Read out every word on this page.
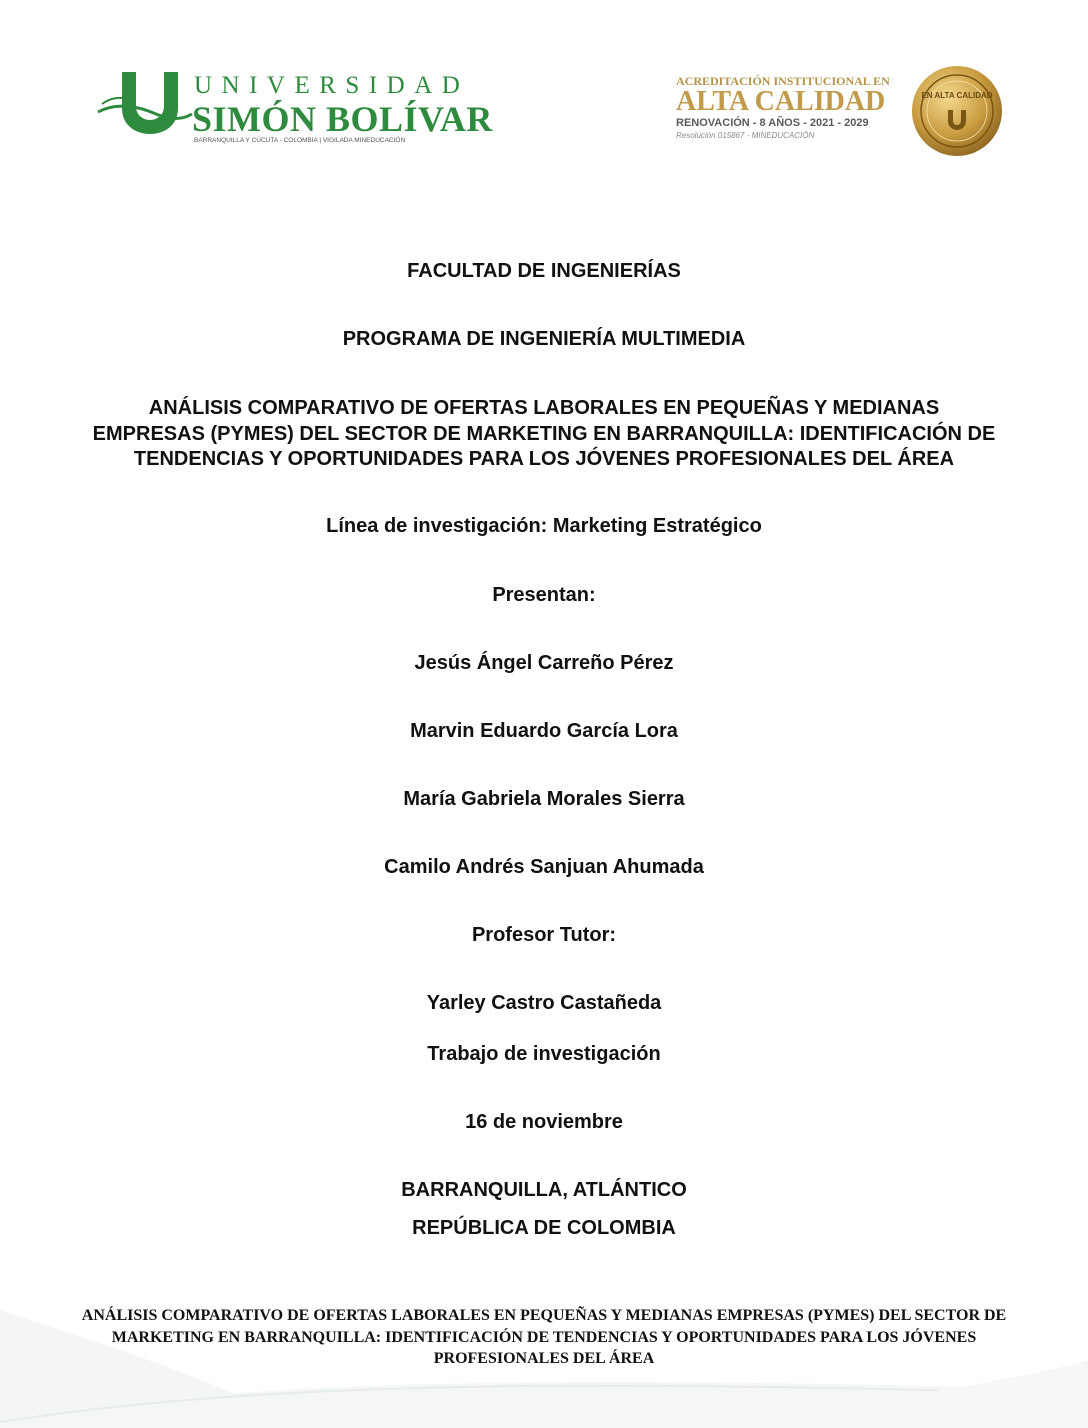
UNIVERSIDAD
SIMÓN BOLÍVAR
BARRANQUILLA Y CÚCUTA - COLOMBIA | VIGILADA MINEDUCACIÓN
ACREDITACIÓN INSTITUCIONAL EN
ALTA CALIDAD
RENOVACIÓN - 8 AÑOS - 2021 - 2029
Resolución 015867 - MINEDUCACIÓN
EN ALTA CALIDAD
FACULTAD DE INGENIERÍAS
PROGRAMA DE INGENIERÍA MULTIMEDIA
ANÁLISIS COMPARATIVO DE OFERTAS LABORALES EN PEQUEÑAS Y MEDIANAS EMPRESAS (PYMES) DEL SECTOR DE MARKETING EN BARRANQUILLA: IDENTIFICACIÓN DE TENDENCIAS Y OPORTUNIDADES PARA LOS JÓVENES PROFESIONALES DEL ÁREA
Línea de investigación: Marketing Estratégico
Presentan:
Jesús Ángel Carreño Pérez
Marvin Eduardo García Lora
María Gabriela Morales Sierra
Camilo Andrés Sanjuan Ahumada
Profesor Tutor:
Yarley Castro Castañeda
Trabajo de investigación
16 de noviembre
BARRANQUILLA, ATLÁNTICO
REPÚBLICA DE COLOMBIA
ANÁLISIS COMPARATIVO DE OFERTAS LABORALES EN PEQUEÑAS Y MEDIANAS EMPRESAS (PYMES) DEL SECTOR DE MARKETING EN BARRANQUILLA: IDENTIFICACIÓN DE TENDENCIAS Y OPORTUNIDADES PARA LOS JÓVENES PROFESIONALES DEL ÁREA
